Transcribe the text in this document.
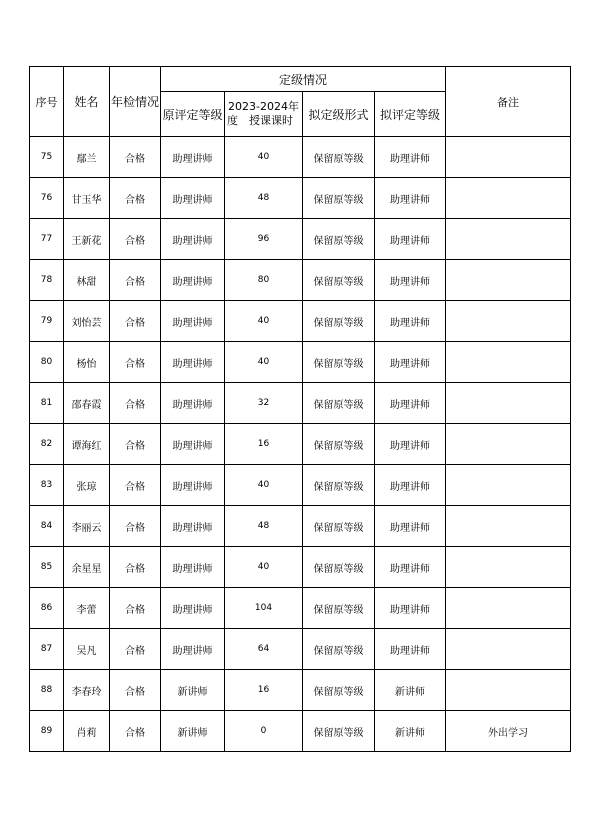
序号	姓名	年检情况	定级情况				备注
			原评定等级	2023-2024年
度　授课课时	拟定级形式	拟评定等级	
75	鄢兰	合格	助理讲师	40	保留原等级	助理讲师	
76	甘玉华	合格	助理讲师	48	保留原等级	助理讲师	
77	王新花	合格	助理讲师	96	保留原等级	助理讲师	
78	林甜	合格	助理讲师	80	保留原等级	助理讲师	
79	刘怡芸	合格	助理讲师	40	保留原等级	助理讲师	
80	杨怡	合格	助理讲师	40	保留原等级	助理讲师	
81	邵春霞	合格	助理讲师	32	保留原等级	助理讲师	
82	谭海红	合格	助理讲师	16	保留原等级	助理讲师	
83	张琼	合格	助理讲师	40	保留原等级	助理讲师	
84	李丽云	合格	助理讲师	48	保留原等级	助理讲师	
85	余星星	合格	助理讲师	40	保留原等级	助理讲师	
86	李蕾	合格	助理讲师	104	保留原等级	助理讲师	
87	吴凡	合格	助理讲师	64	保留原等级	助理讲师	
88	李春玲	合格	新讲师	16	保留原等级	新讲师	
89	肖莉	合格	新讲师	0	保留原等级	新讲师	外出学习
